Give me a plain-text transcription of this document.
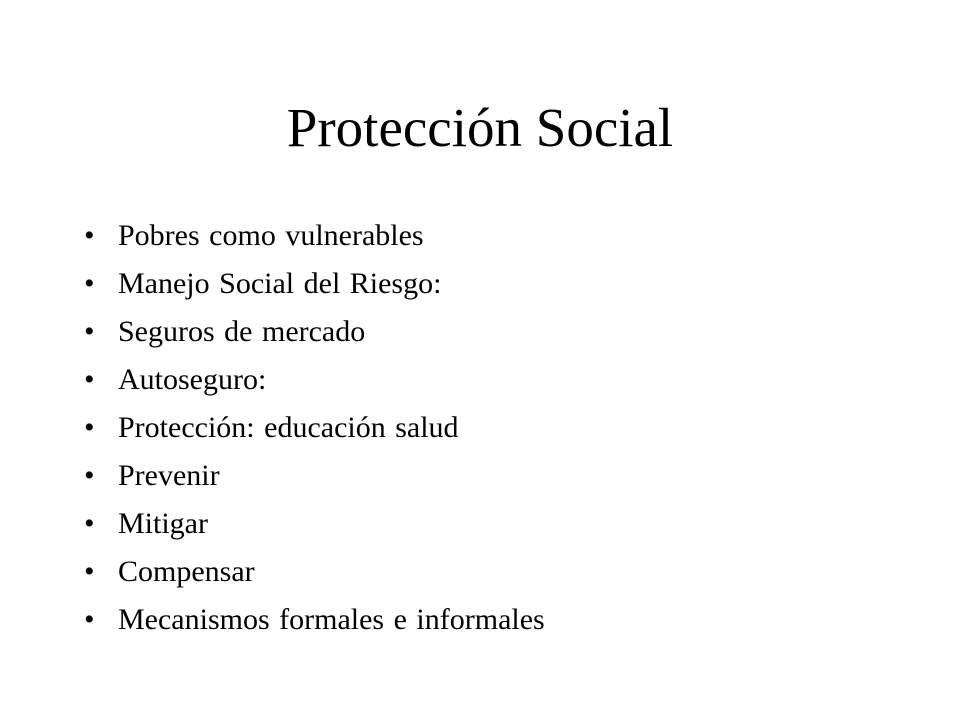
Protección Social
• Pobres como vulnerables
• Manejo Social del Riesgo:
• Seguros de mercado
• Autoseguro:
• Protección: educación salud
• Prevenir
• Mitigar
• Compensar
• Mecanismos formales e informales
